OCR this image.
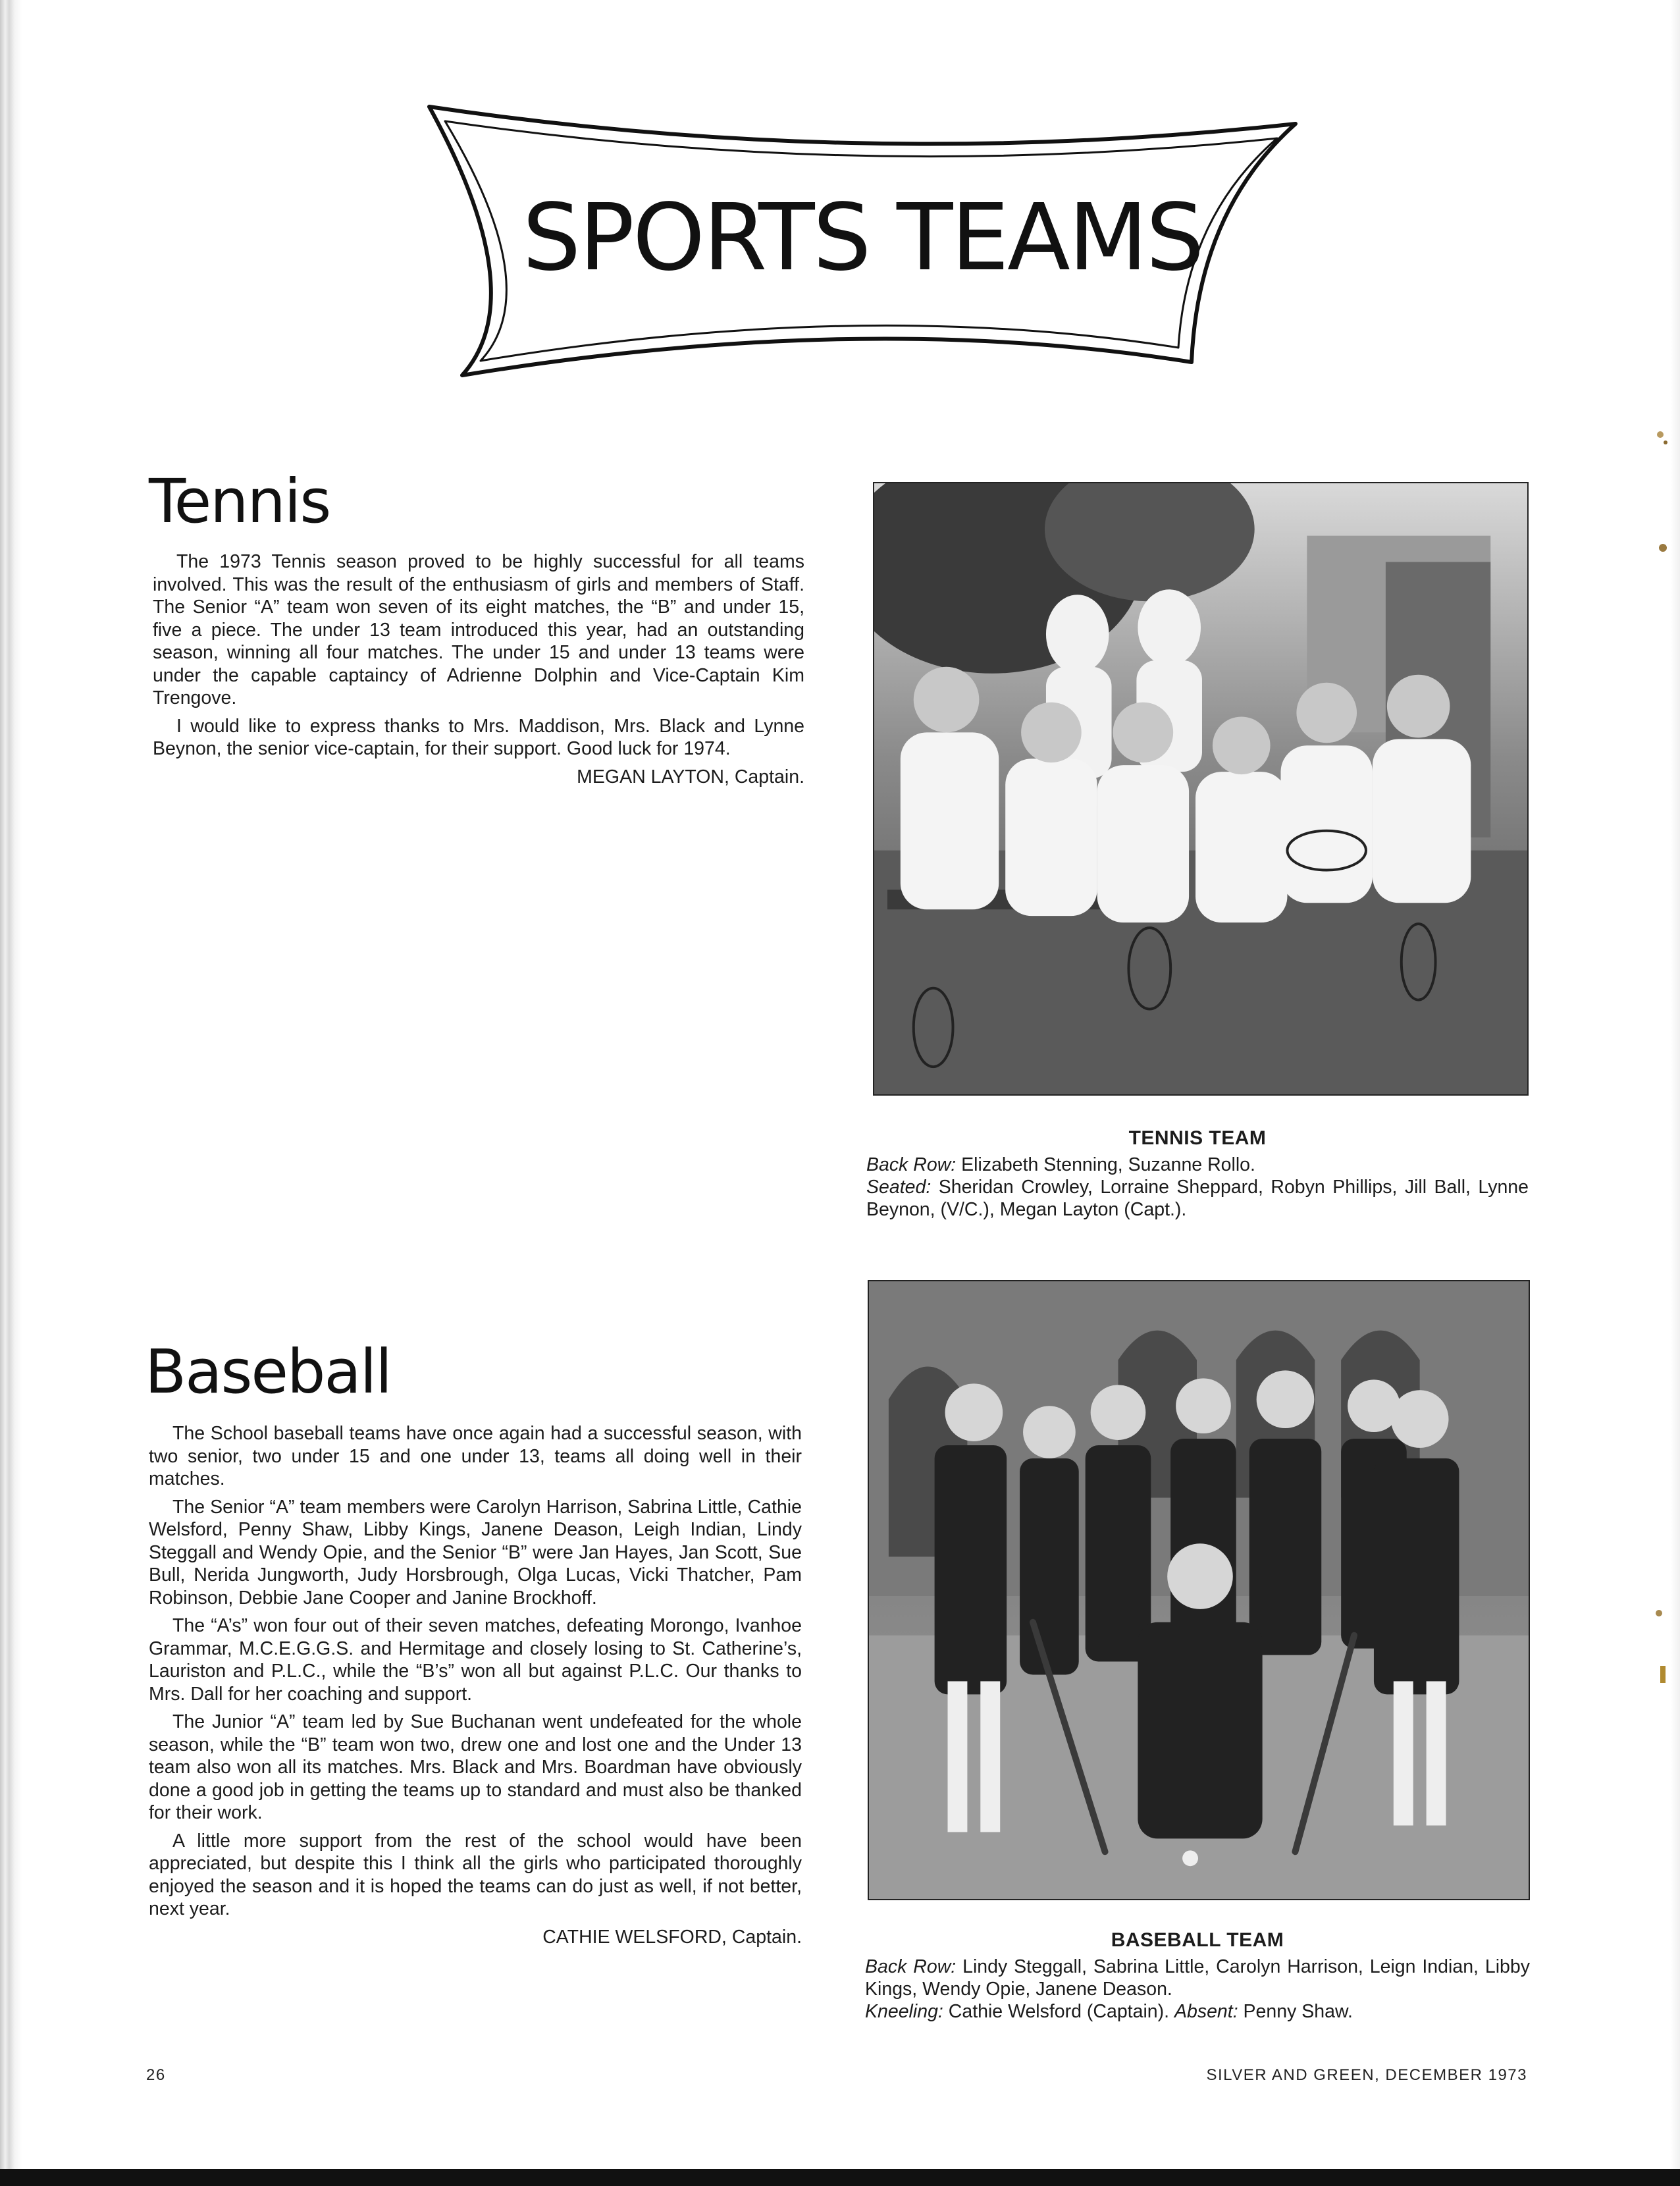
SPORTS TEAMS
Tennis

The 1973 Tennis season proved to be highly successful for all teams involved. This was the result of the enthusiasm of girls and members of Staff. The Senior “A” team won seven of its eight matches, the “B” and under 15, five a piece. The under 13 team introduced this year, had an outstanding season, winning all four matches. The under 15 and under 13 teams were under the capable captaincy of Adrienne Dolphin and Vice-Captain Kim Trengove.

I would like to express thanks to Mrs. Maddison, Mrs. Black and Lynne Beynon, the senior vice-captain, for their support. Good luck for 1974.

MEGAN LAYTON, Captain.
TENNIS TEAM
Back Row: Elizabeth Stenning, Suzanne Rollo.
Seated: Sheridan Crowley, Lorraine Sheppard, Robyn Phillips, Jill Ball, Lynne Beynon, (V/C.), Megan Layton (Capt.).
Baseball

The School baseball teams have once again had a successful season, with two senior, two under 15 and one under 13, teams all doing well in their matches.

The Senior “A” team members were Carolyn Harrison, Sabrina Little, Cathie Welsford, Penny Shaw, Libby Kings, Janene Deason, Leigh Indian, Lindy Steggall and Wendy Opie, and the Senior “B” were Jan Hayes, Jan Scott, Sue Bull, Nerida Jungworth, Judy Horsbrough, Olga Lucas, Vicki Thatcher, Pam Robinson, Debbie Jane Cooper and Janine Brockhoff.

The “A’s” won four out of their seven matches, defeating Morongo, Ivanhoe Grammar, M.C.E.G.G.S. and Hermitage and closely losing to St. Catherine’s, Lauriston and P.L.C., while the “B’s” won all but against P.L.C. Our thanks to Mrs. Dall for her coaching and support.

The Junior “A” team led by Sue Buchanan went undefeated for the whole season, while the “B” team won two, drew one and lost one and the Under 13 team also won all its matches. Mrs. Black and Mrs. Boardman have obviously done a good job in getting the teams up to standard and must also be thanked for their work.

A little more support from the rest of the school would have been appreciated, but despite this I think all the girls who participated thoroughly enjoyed the season and it is hoped the teams can do just as well, if not better, next year.

CATHIE WELSFORD, Captain.	BASEBALL TEAM
Back Row: Lindy Steggall, Sabrina Little, Carolyn Harrison, Leign Indian, Libby Kings, Wendy Opie, Janene Deason.
Kneeling: Cathie Welsford (Captain). Absent: Penny Shaw.
26	SILVER AND GREEN, DECEMBER 1973
